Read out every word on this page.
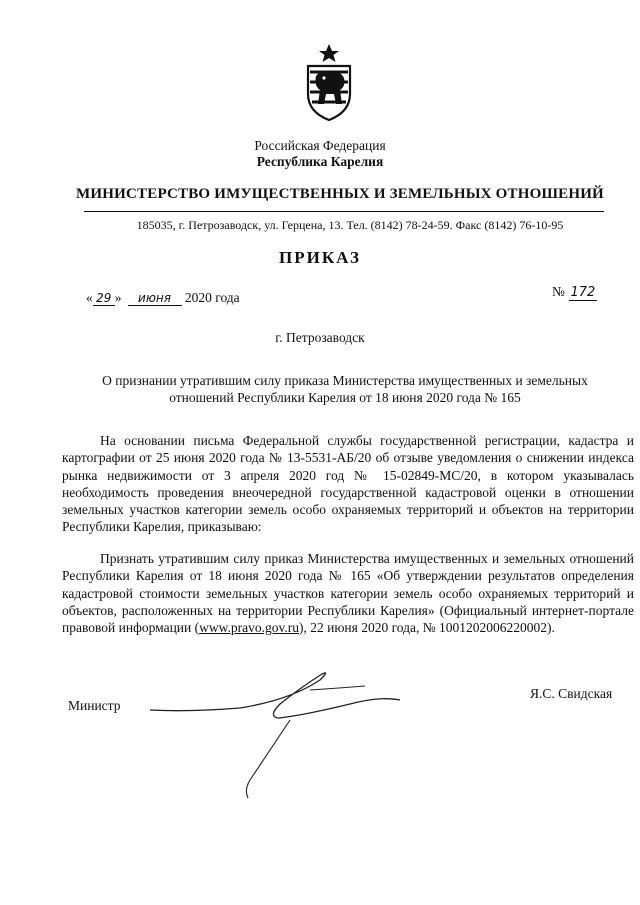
Российская Федерация
Республика Карелия
МИНИСТЕРСТВО ИМУЩЕСТВЕННЫХ И ЗЕМЕЛЬНЫХ ОТНОШЕНИЙ
185035, г. Петрозаводск, ул. Герцена, 13. Тел. (8142) 78-24-59. Факс (8142) 76-10-95
ПРИКАЗ
« 29 » июня 2020 года	№ 172
г. Петрозаводск
О признании утратившим силу приказа Министерства имущественных и земельных
отношений Республики Карелия от 18 июня 2020 года № 165
На основании письма Федеральной службы государственной регистрации, кадастра и картографии от 25 июня 2020 года № 13-5531-АБ/20 об отзыве уведомления о снижении индекса рынка недвижимости от 3 апреля 2020 год № 15-02849-МС/20, в котором указывалась необходимость проведения внеочередной государственной кадастровой оценки в отношении земельных участков категории земель особо охраняемых территорий и объектов на территории Республики Карелия, приказываю:
Признать утратившим силу приказ Министерства имущественных и земельных отношений Республики Карелия от 18 июня 2020 года № 165 «Об утверждении результатов определения кадастровой стоимости земельных участков категории земель особо охраняемых территорий и объектов, расположенных на территории Республики Карелия» (Официальный интернет-портале правовой информации (www.pravo.gov.ru), 22 июня 2020 года, № 1001202006220002).
Министр
Я.С. Свидская
